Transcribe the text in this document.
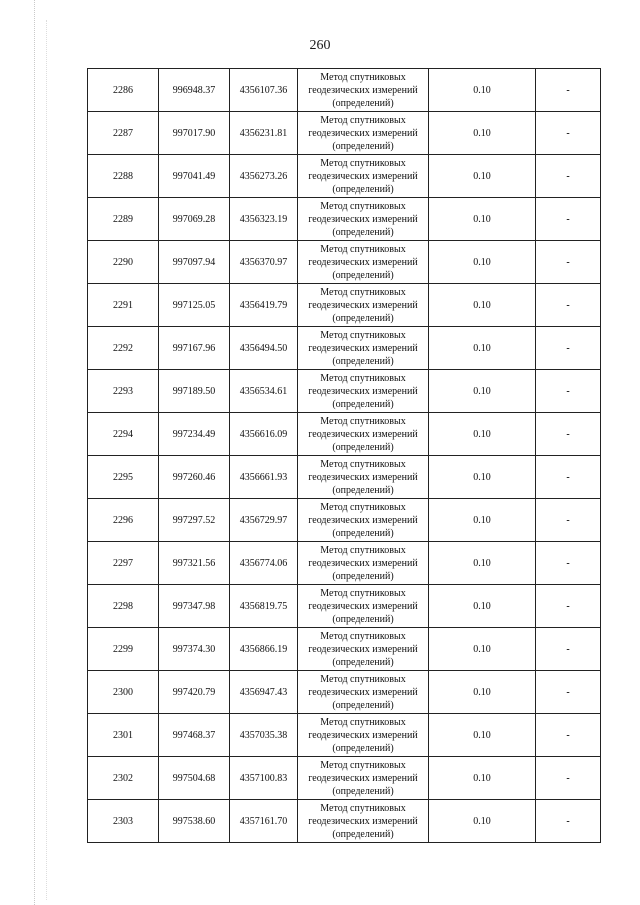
260
2286	996948.37	4356107.36	Метод спутниковых
геодезических измерений
(определений)	0.10	-
2287	997017.90	4356231.81	Метод спутниковых
геодезических измерений
(определений)	0.10	-
2288	997041.49	4356273.26	Метод спутниковых
геодезических измерений
(определений)	0.10	-
2289	997069.28	4356323.19	Метод спутниковых
геодезических измерений
(определений)	0.10	-
2290	997097.94	4356370.97	Метод спутниковых
геодезических измерений
(определений)	0.10	-
2291	997125.05	4356419.79	Метод спутниковых
геодезических измерений
(определений)	0.10	-
2292	997167.96	4356494.50	Метод спутниковых
геодезических измерений
(определений)	0.10	-
2293	997189.50	4356534.61	Метод спутниковых
геодезических измерений
(определений)	0.10	-
2294	997234.49	4356616.09	Метод спутниковых
геодезических измерений
(определений)	0.10	-
2295	997260.46	4356661.93	Метод спутниковых
геодезических измерений
(определений)	0.10	-
2296	997297.52	4356729.97	Метод спутниковых
геодезических измерений
(определений)	0.10	-
2297	997321.56	4356774.06	Метод спутниковых
геодезических измерений
(определений)	0.10	-
2298	997347.98	4356819.75	Метод спутниковых
геодезических измерений
(определений)	0.10	-
2299	997374.30	4356866.19	Метод спутниковых
геодезических измерений
(определений)	0.10	-
2300	997420.79	4356947.43	Метод спутниковых
геодезических измерений
(определений)	0.10	-
2301	997468.37	4357035.38	Метод спутниковых
геодезических измерений
(определений)	0.10	-
2302	997504.68	4357100.83	Метод спутниковых
геодезических измерений
(определений)	0.10	-
2303	997538.60	4357161.70	Метод спутниковых
геодезических измерений
(определений)	0.10	-
